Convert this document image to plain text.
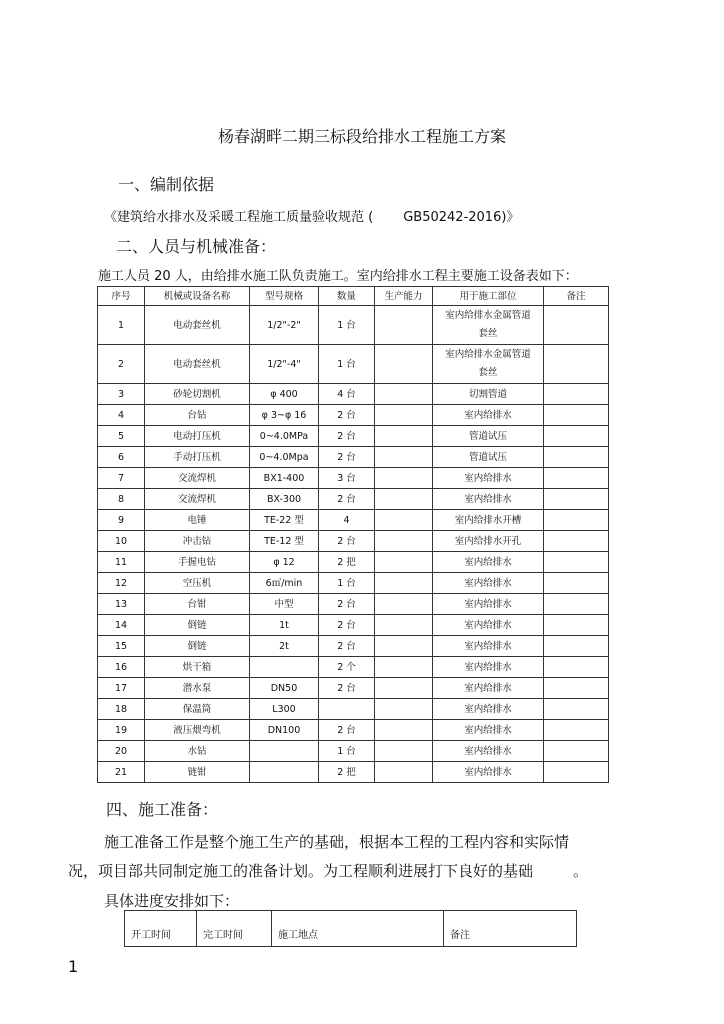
杨春湖畔二期三标段给排水工程施工方案
一、编制依据
《建筑给水排水及采暖工程施工质量验收规范 ( GB50242-2016)》
二、人员与机械准备：
施工人员 20 人，由给排水施工队负责施工。室内给排水工程主要施工设备表如下：
序号	机械或设备名称	型号规格	数量	生产能力	用于施工部位	备注
1	电动套丝机	1/2"-2"	1 台		室内给排水金属管道套丝	
2	电动套丝机	1/2"-4"	1 台		室内给排水金属管道套丝	
3	砂轮切割机	φ 400	4 台		切割管道	
4	台钻	φ 3~φ 16	2 台		室内给排水	
5	电动打压机	0~4.0MPa	2 台		管道试压	
6	手动打压机	0~4.0Mpa	2 台		管道试压	
7	交流焊机	BX1-400	3 台		室内给排水	
8	交流焊机	BX-300	2 台		室内给排水	
9	电锤	TE-22 型	4		室内给排水开槽	
10	冲击钻	TE-12 型	2 台		室内给排水开孔	
11	手握电钻	φ 12	2 把		室内给排水	
12	空压机	6㎥/min	1 台		室内给排水	
13	台钳	中型	2 台		室内给排水	
14	倒链	1t	2 台		室内给排水	
15	倒链	2t	2 台		室内给排水	
16	烘干箱		2 个		室内给排水	
17	潜水泵	DN50	2 台		室内给排水	
18	保温筒	L300			室内给排水	
19	液压煨弯机	DN100	2 台		室内给排水	
20	水钻		1 台		室内给排水	
21	链钳		2 把		室内给排水	
四、施工准备：
施工准备工作是整个施工生产的基础，根据本工程的工程内容和实际情
况，项目部共同制定施工的准备计划。为工程顺利进展打下良好的基础	。
具体进度安排如下：
开工时间	完工时间	施工地点	备注
1
